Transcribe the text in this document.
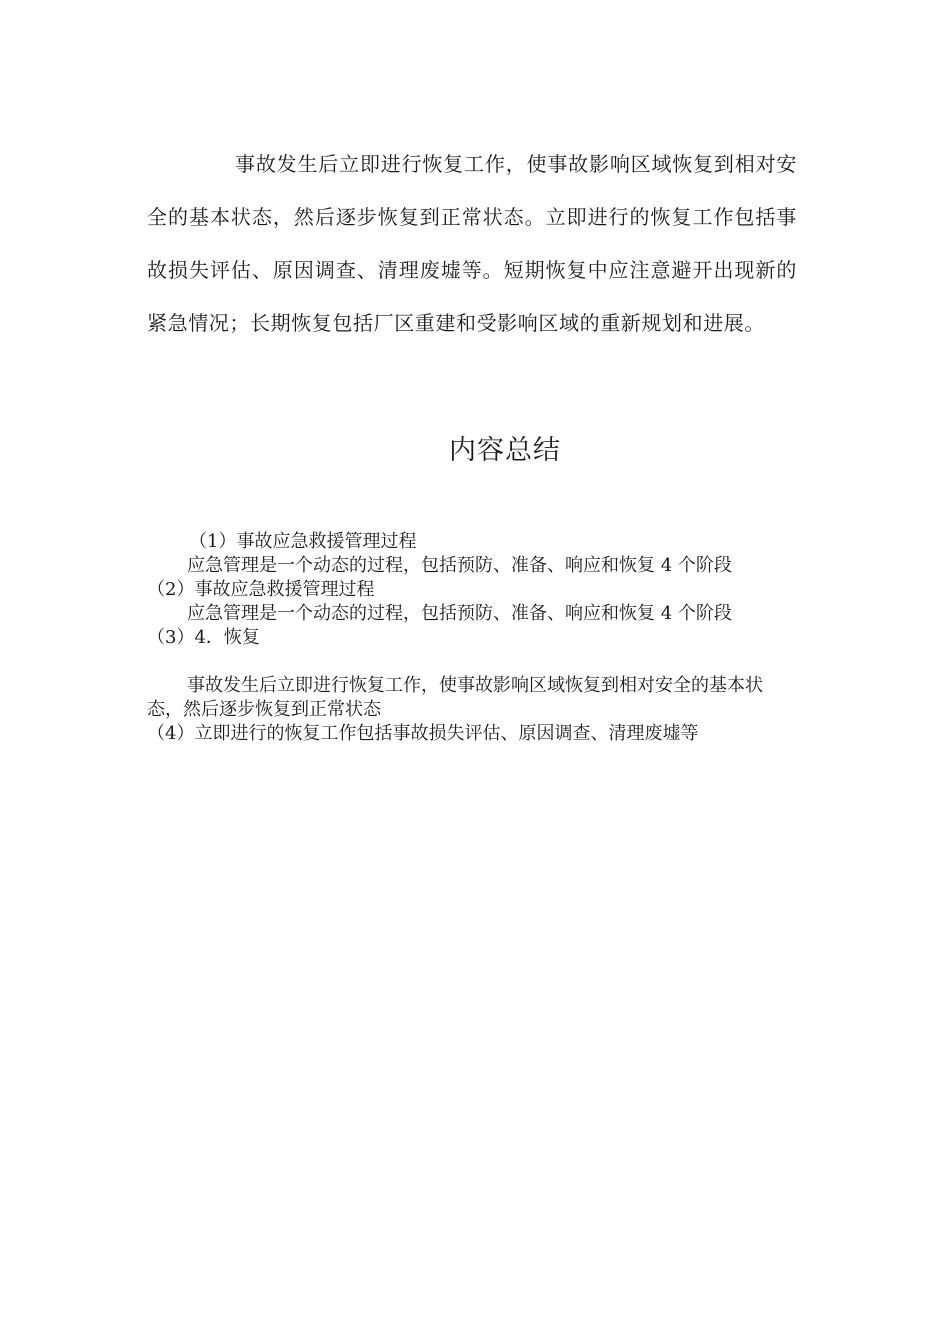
事故发生后立即进行恢复工作，使事故影响区域恢复到相对安全的基本状态，然后逐步恢复到正常状态。立即进行的恢复工作包括事故损失评估、原因调查、清理废墟等。短期恢复中应注意避开出现新的紧急情况；长期恢复包括厂区重建和受影响区域的重新规划和进展。

内容总结

（1）事故应急救援管理过程

应急管理是一个动态的过程，包括预防、准备、响应和恢复 4 个阶段

（2）事故应急救援管理过程

应急管理是一个动态的过程，包括预防、准备、响应和恢复 4 个阶段

（3）4．恢复

事故发生后立即进行恢复工作，使事故影响区域恢复到相对安全的基本状态，然后逐步恢复到正常状态

（4）立即进行的恢复工作包括事故损失评估、原因调查、清理废墟等
